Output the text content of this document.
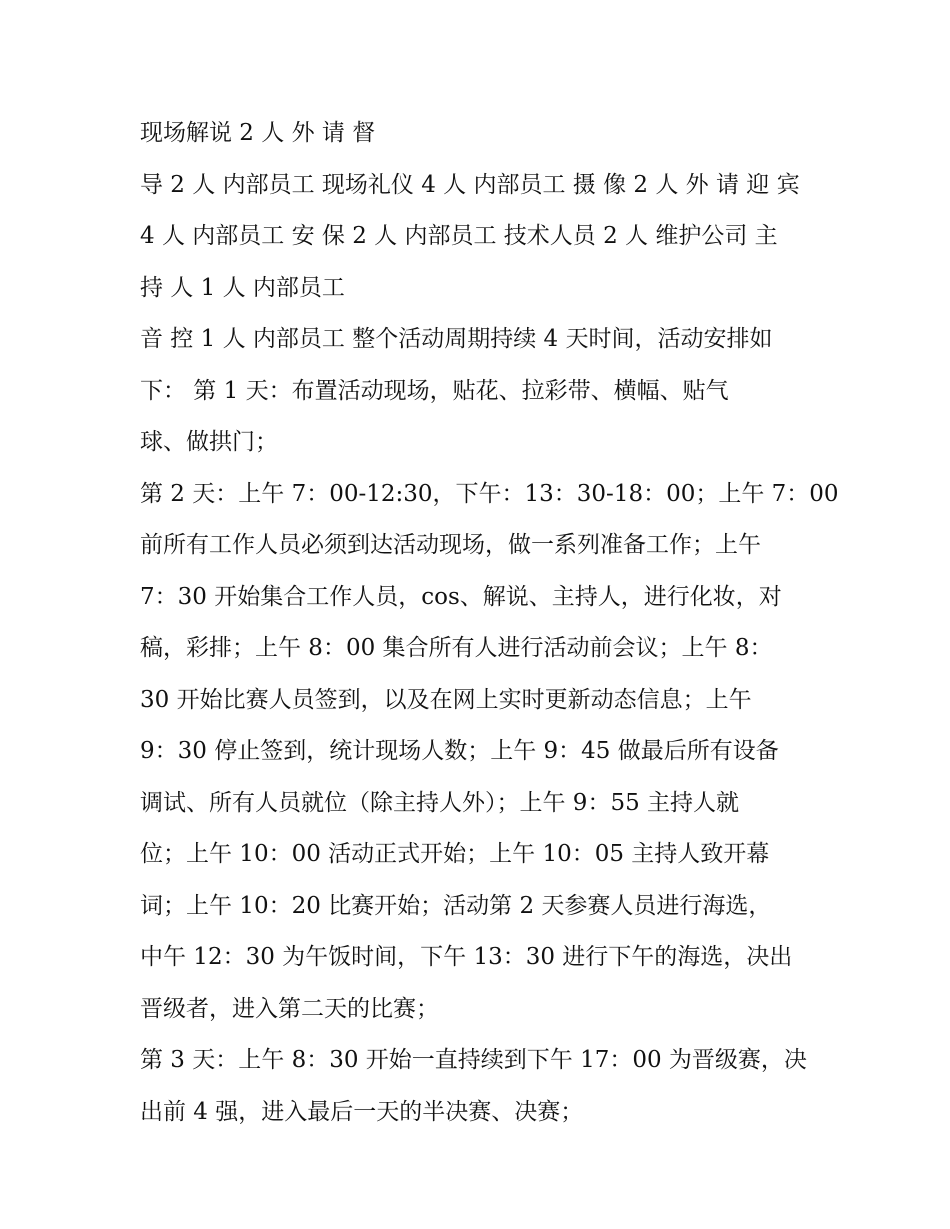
现场解说 2 人 外 请 督
导 2 人 内部员工 现场礼仪 4 人 内部员工 摄 像 2 人 外 请 迎 宾
4 人 内部员工 安 保 2 人 内部员工 技术人员 2 人 维护公司 主
持 人 1 人 内部员工
音 控 1 人 内部员工 整个活动周期持续 4 天时间，活动安排如
下： 第 1 天：布置活动现场，贴花、拉彩带、横幅、贴气
球、做拱门；
第 2 天：上午 7：00-12:30，下午：13：30-18：00；上午 7：00
前所有工作人员必须到达活动现场，做一系列准备工作；上午
7：30 开始集合工作人员，cos、解说、主持人，进行化妆，对
稿，彩排；上午 8：00 集合所有人进行活动前会议；上午 8：
30 开始比赛人员签到，以及在网上实时更新动态信息；上午
9：30 停止签到，统计现场人数；上午 9：45 做最后所有设备
调试、所有人员就位（除主持人外）；上午 9：55 主持人就
位；上午 10：00 活动正式开始；上午 10：05 主持人致开幕
词；上午 10：20 比赛开始；活动第 2 天参赛人员进行海选，
中午 12：30 为午饭时间，下午 13：30 进行下午的海选，决出
晋级者，进入第二天的比赛；
第 3 天：上午 8：30 开始一直持续到下午 17：00 为晋级赛，决
出前 4 强，进入最后一天的半决赛、决赛；
